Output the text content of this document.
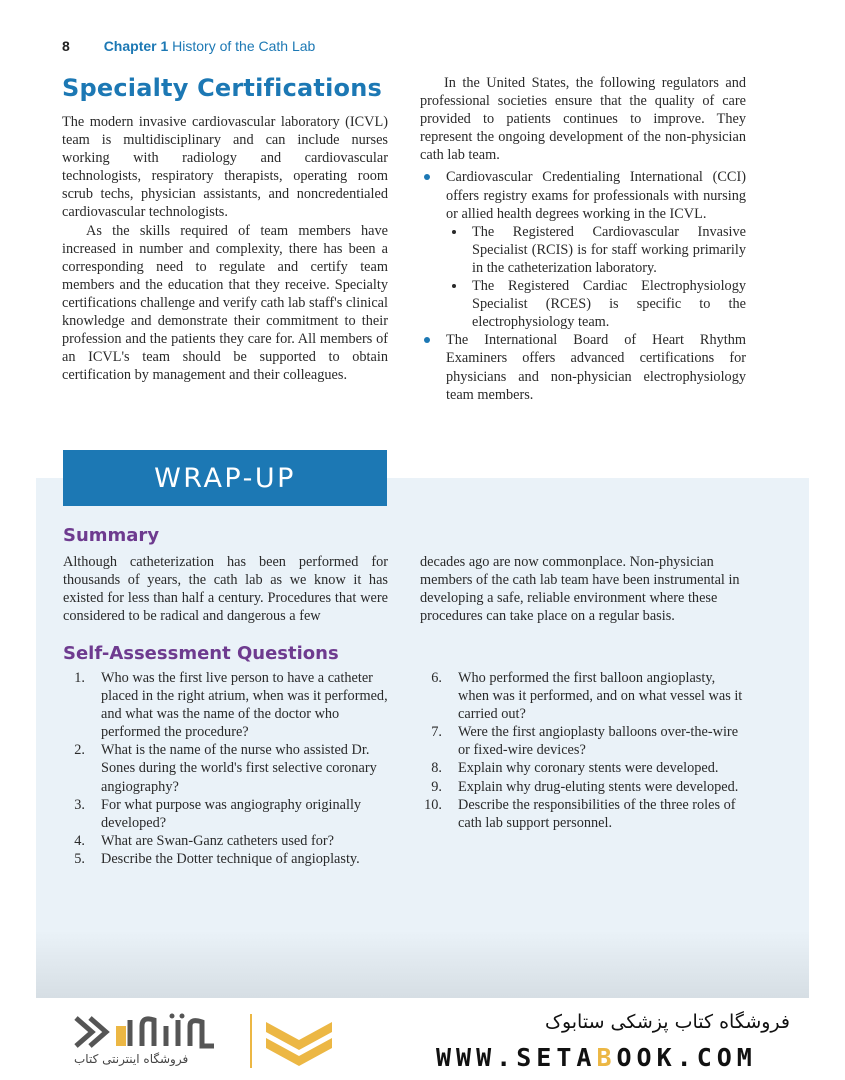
8 Chapter 1 History of the Cath Lab
Specialty Certifications

The modern invasive cardiovascular laboratory (ICVL) team is multidisciplinary and can include nurses working with radiology and cardiovascular technologists, respiratory therapists, operating room scrub techs, physician assistants, and noncredentialed cardiovascular technologists.

As the skills required of team members have increased in number and complexity, there has been a corresponding need to regulate and certify team members and the education that they receive. Specialty certifications challenge and verify cath lab staff's clinical knowledge and demonstrate their commitment to their profession and the patients they care for. All members of an ICVL's team should be supported to obtain certification by management and their colleagues.

In the United States, the following regulators and professional societies ensure that the quality of care provided to patients continues to improve. They represent the ongoing development of the non-physician cath lab team.

Cardiovascular Credentialing International (CCI) offers registry exams for professionals with nursing or allied health degrees working in the ICVL.
The Registered Cardiovascular Invasive Specialist (RCIS) is for staff working primarily in the catheterization laboratory.
The Registered Cardiac Electrophysiology Specialist (RCES) is specific to the electrophysiology team.
The International Board of Heart Rhythm Examiners offers advanced certifications for physicians and non-physician electrophysiology team members.
WRAP-UP
Summary
Although catheterization has been performed for thousands of years, the cath lab as we know it has existed for less than half a century. Procedures that were considered to be radical and dangerous a few
decades ago are now commonplace. Non-physician members of the cath lab team have been instrumental in developing a safe, reliable environment where these procedures can take place on a regular basis.
Self-Assessment Questions
1. Who was the first live person to have a catheter placed in the right atrium, when was it performed, and what was the name of the doctor who performed the procedure?
2. What is the name of the nurse who assisted Dr. Sones during the world's first selective coronary angiography?
3. For what purpose was angiography originally developed?
4. What are Swan-Ganz catheters used for?
5. Describe the Dotter technique of angioplasty.
6. Who performed the first balloon angioplasty, when was it performed, and on what vessel was it carried out?
7. Were the first angioplasty balloons over-the-wire or fixed-wire devices?
8. Explain why coronary stents were developed.
9. Explain why drug-eluting stents were developed.
10. Describe the responsibilities of the three roles of cath lab support personnel.
فروشگاه اینترنتی کتاب
فروشگاه کتاب پزشکی ستابوک
WWW.SETABOOK.COM
